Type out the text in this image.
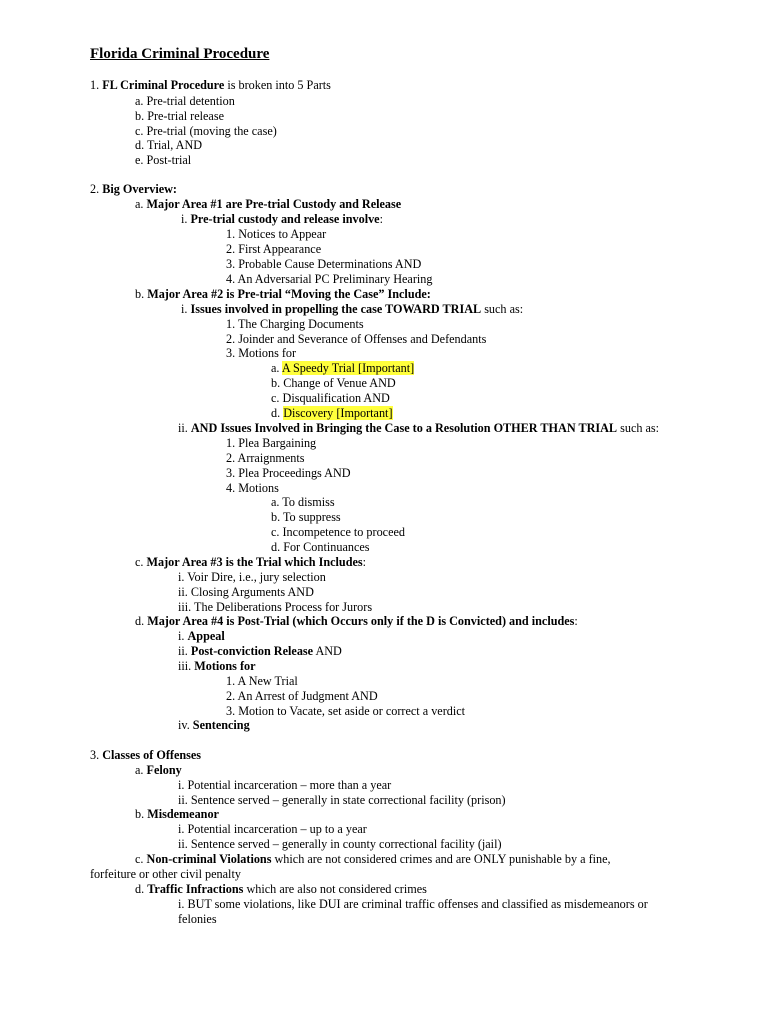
Florida Criminal Procedure
1. FL Criminal Procedure is broken into 5 Parts
a. Pre-trial detention
b. Pre-trial release
c. Pre-trial (moving the case)
d. Trial, AND
e. Post-trial
2. Big Overview:
a. Major Area #1 are Pre-trial Custody and Release
i. Pre-trial custody and release involve:
1. Notices to Appear
2. First Appearance
3. Probable Cause Determinations AND
4. An Adversarial PC Preliminary Hearing
b. Major Area #2 is Pre-trial “Moving the Case” Include:
i. Issues involved in propelling the case TOWARD TRIAL such as:
1. The Charging Documents
2. Joinder and Severance of Offenses and Defendants
3. Motions for
a. A Speedy Trial [Important]
b. Change of Venue AND
c. Disqualification AND
d. Discovery [Important]
ii. AND Issues Involved in Bringing the Case to a Resolution OTHER THAN TRIAL such as:
1. Plea Bargaining
2. Arraignments
3. Plea Proceedings AND
4. Motions
a. To dismiss
b. To suppress
c. Incompetence to proceed
d. For Continuances
c. Major Area #3 is the Trial which Includes:
i. Voir Dire, i.e., jury selection
ii. Closing Arguments AND
iii. The Deliberations Process for Jurors
d. Major Area #4 is Post-Trial (which Occurs only if the D is Convicted) and includes:
i. Appeal
ii. Post-conviction Release AND
iii. Motions for
1. A New Trial
2. An Arrest of Judgment AND
3. Motion to Vacate, set aside or correct a verdict
iv. Sentencing
3. Classes of Offenses
a. Felony
i. Potential incarceration – more than a year
ii. Sentence served – generally in state correctional facility (prison)
b. Misdemeanor
i. Potential incarceration – up to a year
ii. Sentence served – generally in county correctional facility (jail)
c. Non-criminal Violations which are not considered crimes and are ONLY punishable by a fine,
forfeiture or other civil penalty
d. Traffic Infractions which are also not considered crimes
i. BUT some violations, like DUI are criminal traffic offenses and classified as misdemeanors or
felonies
